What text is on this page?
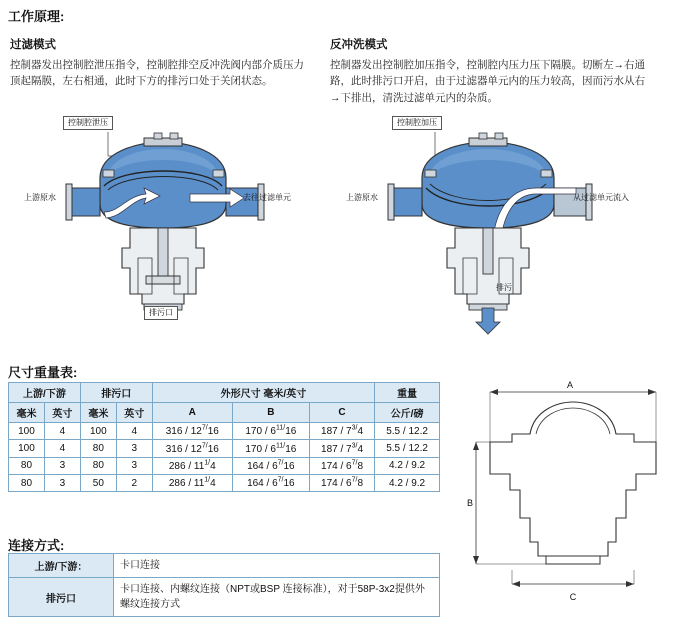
工作原理:
过滤模式
控制器发出控制腔泄压指令，控制腔排空反冲洗阀内部介质压力顶起隔膜，左右相通，此时下方的排污口处于关闭状态。
反冲洗模式
控制器发出控制腔加压指令，控制腔内压力压下隔膜。切断左→右通路，此时排污口开启，由于过滤器单元内的压力较高，因而污水从右→下排出，清洗过滤单元内的杂质。
控制腔泄压
上游原水	去往过滤单元
排污口
控制腔加压
上游原水	从过滤单元流入
排污
尺寸重量表:
上游/下游		排污口		外形尺寸 毫米/英寸			重量
毫米	英寸	毫米	英寸	A	B	C	公斤/磅
100	4	100	4	$316 / 12^{7/}16$	$170 / 6^{11/}16$	$187 / 7^{3/}4$	5.5 / 12.2
100	4	80	3	$316 / 12^{7/}16$	$170 / 6^{11/}16$	$187 / 7^{3/}4$	5.5 / 12.2
80	3	80	3	$286 / 11^{1/}4$	$164 / 6^{7/}16$	$174 / 6^{7/}8$	4.2 / 9.2
80	3	50	2	$286 / 11^{1/}4$	$164 / 6^{7/}16$	$174 / 6^{7/}8$	4.2 / 9.2
连接方式:
上游/下游：	卡口连接
排污口	卡口连接、内螺纹连接（NPT或BSP 连接标准），对于58P-3x2提供外螺纹连接方式
A
B
C
